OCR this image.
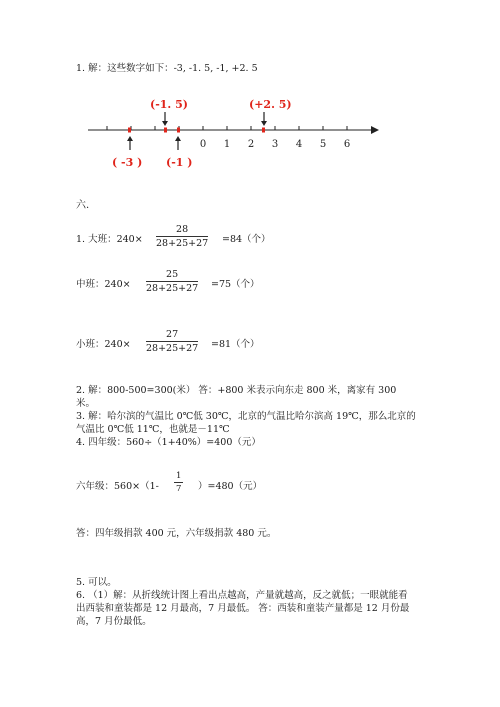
1. 解：这些数字如下：-3, -1. 5, -1, +2. 5
0 1 2 3 4 5 6
(-1. 5)	(+2. 5)
( -3 ) (-1 )
六.
1. 大班：$240\times \frac{28}{28+25+27} =84$（个）
中班：$240\times \frac{25}{28+25+27} =75$（个）
小班：$240\times \frac{27}{28+25+27} =81$（个）
2. 解：800-500=300(米） 答：+800 米表示向东走 800 米，离家有 300
米。
3. 解：哈尔滨的气温比 0℃低 30℃，北京的气温比哈尔滨高 19℃，那么北京的
气温比 0℃低 11℃，也就是－11℃
4. 四年级：560÷（1+40%）=400（元）
六年级：$560\times(1- \frac{1}{7} )=480$（元）
答：四年级捐款 400 元，六年级捐款 480 元。
5. 可以。
6. （1）解：从折线统计图上看出点越高，产量就越高，反之就低；一眼就能看
出西装和童装都是 12 月最高，7 月最低。 答：西装和童装产量都是 12 月份最
高，7 月份最低。
